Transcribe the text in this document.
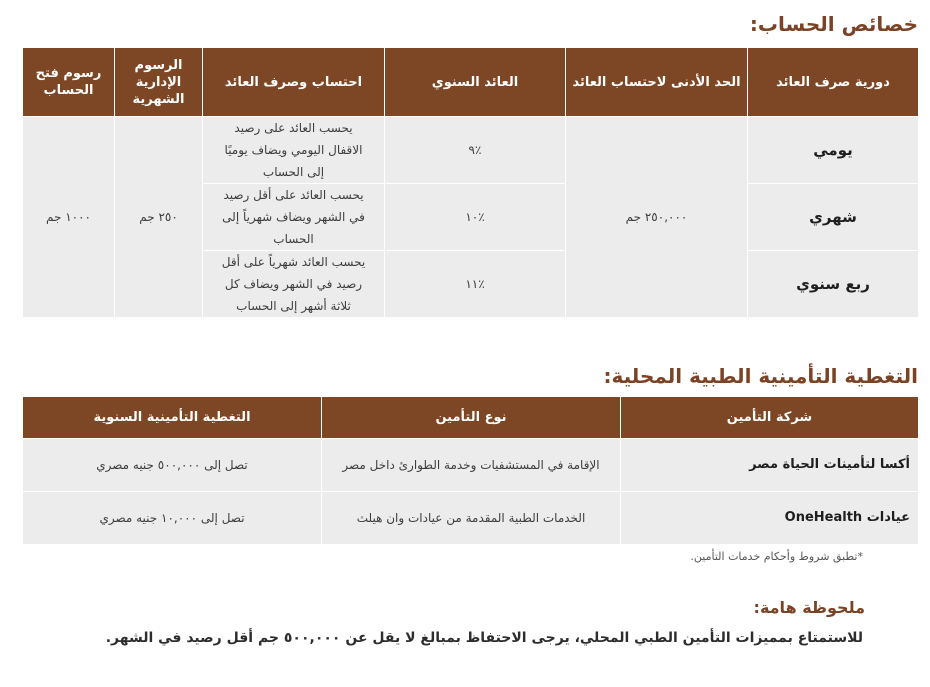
خصائص الحساب:
دورية صرف العائد	الحد الأدنى لاحتساب العائد	العائد السنوي	احتساب وصرف العائد	الرسوم الإدارية الشهرية	رسوم فتح الحساب
يومي	٢٥٠,٠٠٠ جم	٪٩	يحسب العائد على رصيد
الاقفال اليومي ويضاف يوميًا
إلى الحساب	٢٥٠ جم	١٠٠٠ جم
شهري		٪١٠	يحسب العائد على أقل رصيد
في الشهر ويضاف شهرياً إلى
الحساب		

ربع سنوي		٪١١	يحسب العائد شهرياً على أقل
رصيد في الشهر ويضاف كل
ثلاثة أشهر إلى الحساب		
التغطية التأمينية الطبية المحلية:
شركة التأمين	نوع التأمين	التغطية التأمينية السنوية
أكسا لتأمينات الحياة مصر	الإقامة في المستشفيات وخدمة الطوارئ داخل مصر	تصل إلى ٥٠٠,٠٠٠ جنيه مصري
عيادات OneHealth	الخدمات الطبية المقدمة من عيادات وان هيلث	تصل إلى ١٠,٠٠٠ جنيه مصري

*تطبق شروط وأحكام خدمات التأمين.

ملحوظة هامة:

للاستمتاع بمميزات التأمين الطبي المحلي، يرجى الاحتفاظ بمبالغ لا يقل عن ٥٠٠,٠٠٠ جم أقل رصيد في الشهر.
